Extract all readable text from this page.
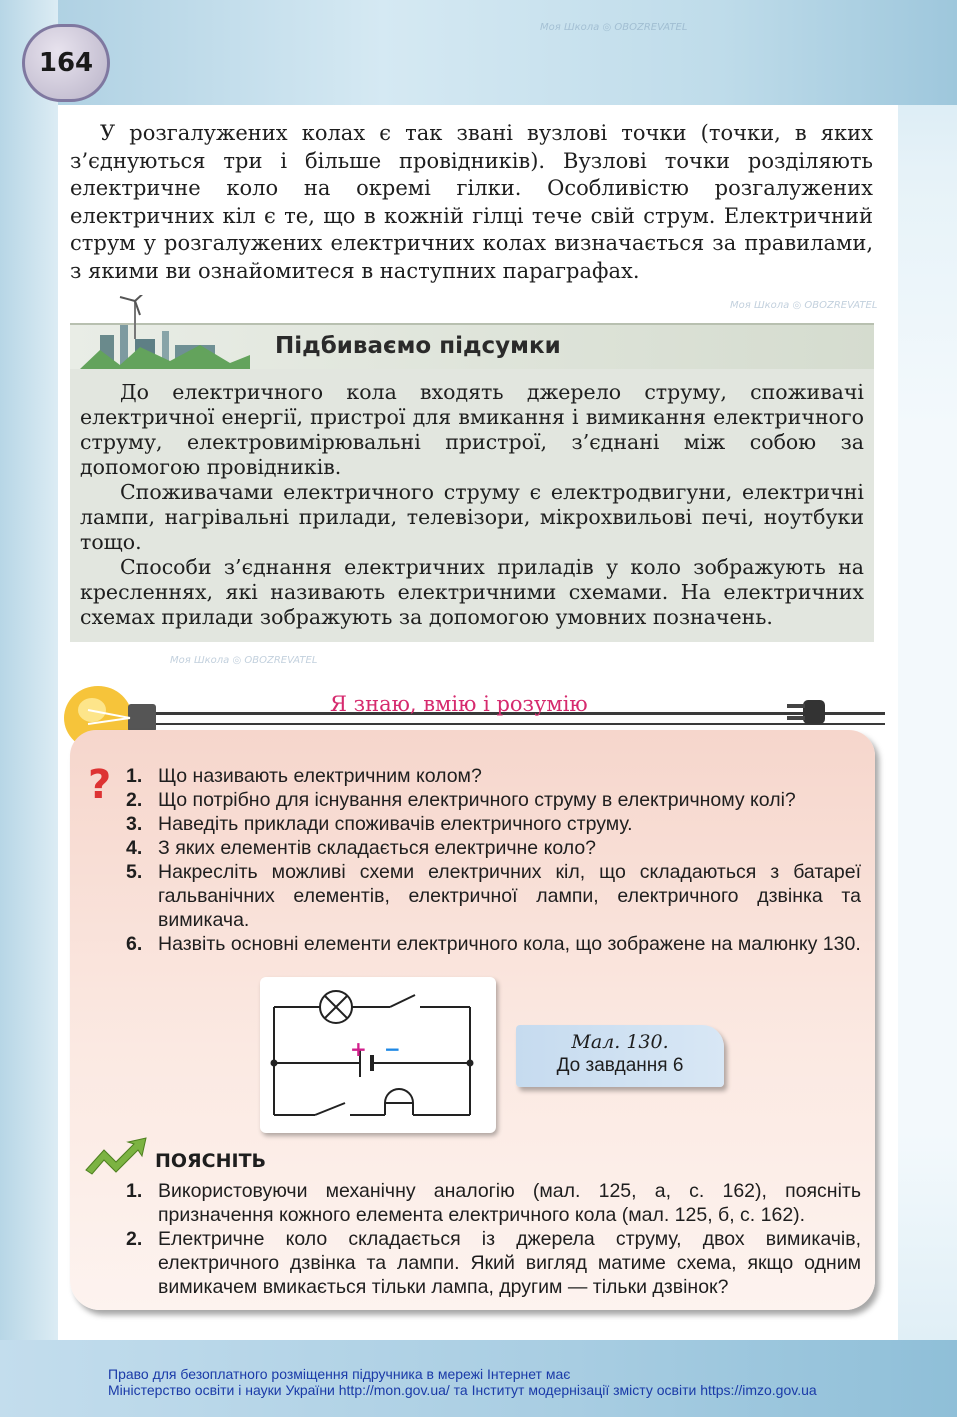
Моя Школа ◎ OBOZREVATEL
Моя Школа ◎ OBOZREVATEL
Моя Школа ◎ OBOZREVATEL
164

У розгалужених колах є так звані вузлові точки (точки, в яких з’єднуються три і більше провідників). Вузлові точки розділяють електричне коло на окремі гілки. Особливістю розгалужених електричних кіл є те, що в кожній гілці тече свій струм. Електричний струм у розгалужених електричних колах визначається за правилами, з якими ви ознайомитеся в наступних параграфах.

Підбиваємо підсумки

До електричного кола входять джерело струму, споживачі електричної енергії, пристрої для вмикання і вимикання електричного струму, електровимірювальні пристрої, з’єднані між собою за допомогою провідників.

Споживачами електричного струму є електродвигуни, електричні лампи, нагрівальні прилади, телевізори, мікрохвильові печі, ноутбуки тощо.

Способи з’єднання електричних приладів у коло зображують на кресленнях, які називають електричними схемами. На електричних схемах прилади зображують за допомогою умовних позначень.

Я знаю, вмію і розумію
? 1. Що називають електричним колом?
2. Що потрібно для існування електричного струму в електричному колі?
3. Наведіть приклади споживачів електричного струму.
4. З яких елементів складається електричне коло?
5. Накресліть можливі схеми електричних кіл, що складаються з батареї гальванічних елементів, електричної лампи, електричного дзвінка та вимикача.
6. Назвіть основні елементи електричного кола, що зображене на малюнку 130.
+ −	Мал. 130.
До завдання 6
ПОЯСНІТЬ
1. Використовуючи механічну аналогію (мал. 125, а, с. 162), поясніть призначення кожного елемента електричного кола (мал. 125, б, с. 162).
2. Електричне коло складається із джерела струму, двох вимикачів, електричного дзвінка та лампи. Який вигляд матиме схема, якщо одним вимикачем вмикається тільки лампа, другим — тільки дзвінок?
Право для безоплатного розміщення підручника в мережі Інтернет має
Міністерство освіти і науки України http://mon.gov.ua/ та Інститут модернізації змісту освіти https://imzo.gov.ua
